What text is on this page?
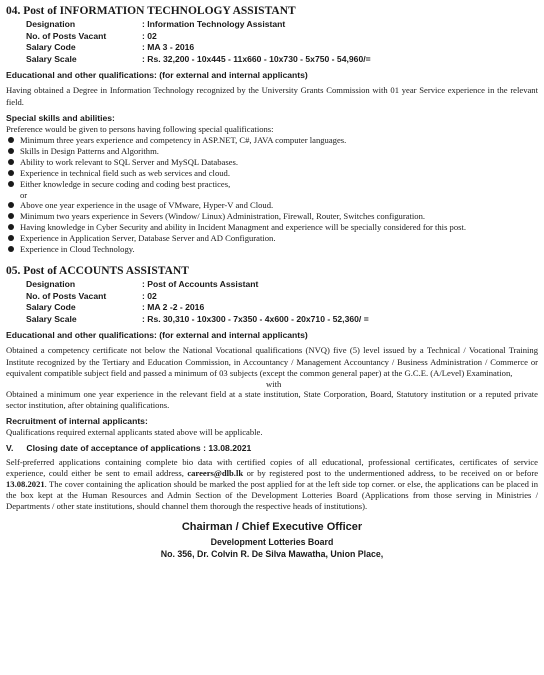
04. Post of INFORMATION TECHNOLOGY ASSISTANT
Designation	: Information Technology Assistant
No. of Posts Vacant	: 02
Salary Code	: MA 3 - 2016
Salary Scale	: Rs. 32,200 - 10x445 - 11x660 - 10x730 - 5x750 - 54,960/=
Educational and other qualifications: (for external and internal applicants)
Having obtained a Degree in Information Technology recognized by the University Grants Commission with 01 year Service experience in the relevant field.
Special skills and abilities:
Preference would be given to persons having following special qualifications:
Minimum three years experience and competency in ASP.NET, C#, JAVA computer languages.
Skills in Design Patterns and Algorithm.
Ability to work relevant to SQL Server and MySQL Databases.
Experience in technical field such as web services and cloud.
Either knowledge in secure coding and coding best practices,
or
Above one year experience in the usage of VMware, Hyper-V and Cloud.
Minimum two years experience in Severs (Window/ Linux) Administration, Firewall, Router, Switches configuration.
Having knowledge in Cyber Security and ability in Incident Managment and experience will be specially considered for this post.
Experience in Application Server, Database Server and AD Configuration.
Experience in Cloud Technology.
05. Post of ACCOUNTS ASSISTANT
Designation	: Post of Accounts Assistant
No. of Posts Vacant	: 02
Salary Code	: MA 2 -2 - 2016
Salary Scale	: Rs. 30,310 - 10x300 - 7x350 - 4x600 - 20x710 - 52,360/ =
Educational and other qualifications: (for external and internal applicants)
Obtained a competency certificate not below the National Vocational qualifications (NVQ) five (5) level issued by a Technical / Vocational Training Institute recognized by the Tertiary and Education Commission, in Accountancy / Management Accountancy / Business Administration / Commerce or equivalent compatible subject field and passed a minimum of 03 subjects (except the common general paper) at the G.C.E. (A/Level) Examination,
with
Obtained a minimum one year experience in the relevant field at a state institution, State Corporation, Board, Statutory institution or a reputed private sector institution, after obtaining qualifications.
Recruitment of internal applicants:
Qualifications required external applicants stated above will be applicable.
V. Closing date of acceptance of applications : 13.08.2021
Self-preferred applications containing complete bio data with certified copies of all educational, professional certificates, certificates of service experience, could either be sent to email address, careers@dlb.lk or by registered post to the undermentioned address, to be received on or before 13.08.2021. The cover containing the aplication should be marked the post applied for at the left side top corner. or else, the applications can be placed in the box kept at the Human Resources and Admin Section of the Development Lotteries Board (Applications from those serving in Ministries / Departments / other state institutions, should channel them thorough the respective heads of institutions).
Chairman / Chief Executive Officer
Development Lotteries Board
No. 356, Dr. Colvin R. De Silva Mawatha, Union Place,
